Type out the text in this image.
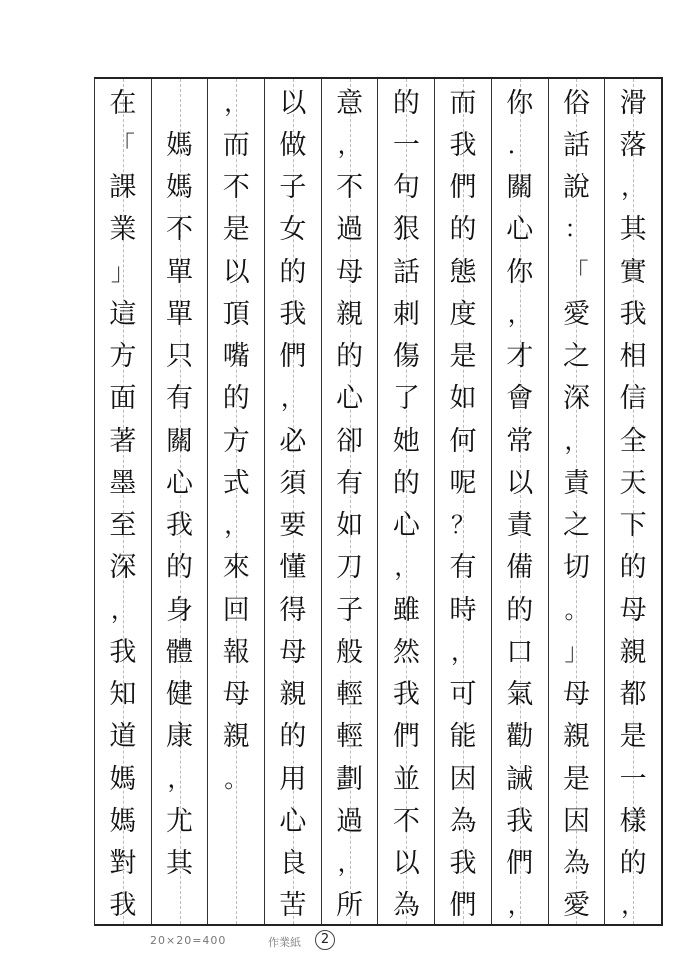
滑
落
，
其
實
我
相
信
全
天
下
的
母
親
都
是
一
樣
的
，
俗
話
說
：
「
愛
之
深
，
責
之
切
。
」
母
親
是
因
為
愛
你
．
關
心
你
，
才
會
常
以
責
備
的
口
氣
勸
誡
我
們
，
而
我
們
的
態
度
是
如
何
呢
？
有
時
，
可
能
因
為
我
們
的
一
句
狠
話
刺
傷
了
她
的
心
，
雖
然
我
們
並
不
以
為
意
，
不
過
母
親
的
心
卻
有
如
刀
子
般
輕
輕
劃
過
，
所
以
做
子
女
的
我
們
，
必
須
要
懂
得
母
親
的
用
心
良
苦
，
而
不
是
以
頂
嘴
的
方
式
，
來
回
報
母
親
。
媽
媽
不
單
單
只
有
關
心
我
的
身
體
健
康
，
尤
其
在
「
課
業
」
這
方
面
著
墨
至
深
，
我
知
道
媽
媽
對
我
20×20=400	作業紙	2
